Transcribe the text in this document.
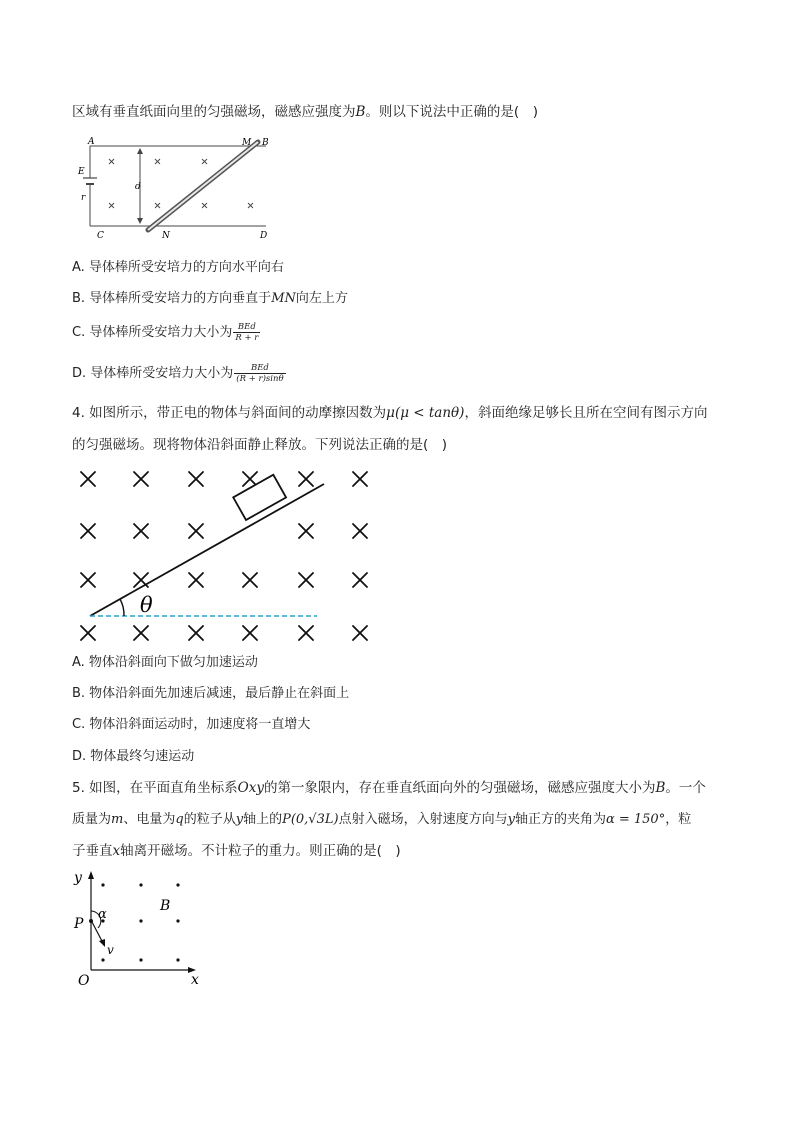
区域有垂直纸面向里的匀强磁场，磁感应强度为B。则以下说法中正确的是(　)
A	M B
E
r
d
C	N	D
A. 导体棒所受安培力的方向水平向右
B. 导体棒所受安培力的方向垂直于MN向左上方
C. 导体棒所受安培力大小为 $\frac{\text{BEd}}{R + r}$
D. 导体棒所受安培力大小为 $\frac{\text{BEd}}{(R + r)\sin\theta}$
4. 如图所示，带正电的物体与斜面间的动摩擦因数为μ(μ < tanθ)，斜面绝缘足够长且所在空间有图示方向
的匀强磁场。现将物体沿斜面静止释放。下列说法正确的是(　)
θ
A. 物体沿斜面向下做匀加速运动
B. 物体沿斜面先加速后减速，最后静止在斜面上
C. 物体沿斜面运动时，加速度将一直增大
D. 物体最终匀速运动
5. 如图，在平面直角坐标系Oxy的第一象限内，存在垂直纸面向外的匀强磁场，磁感应强度大小为B。一个
质量为m、电量为q的粒子从y轴上的P(0,√3L)点射入磁场，入射速度方向与y轴正方的夹角为α = 150°，粒
子垂直x轴离开磁场。不计粒子的重力。则正确的是(　)
y
x
O
P
α
v
B
